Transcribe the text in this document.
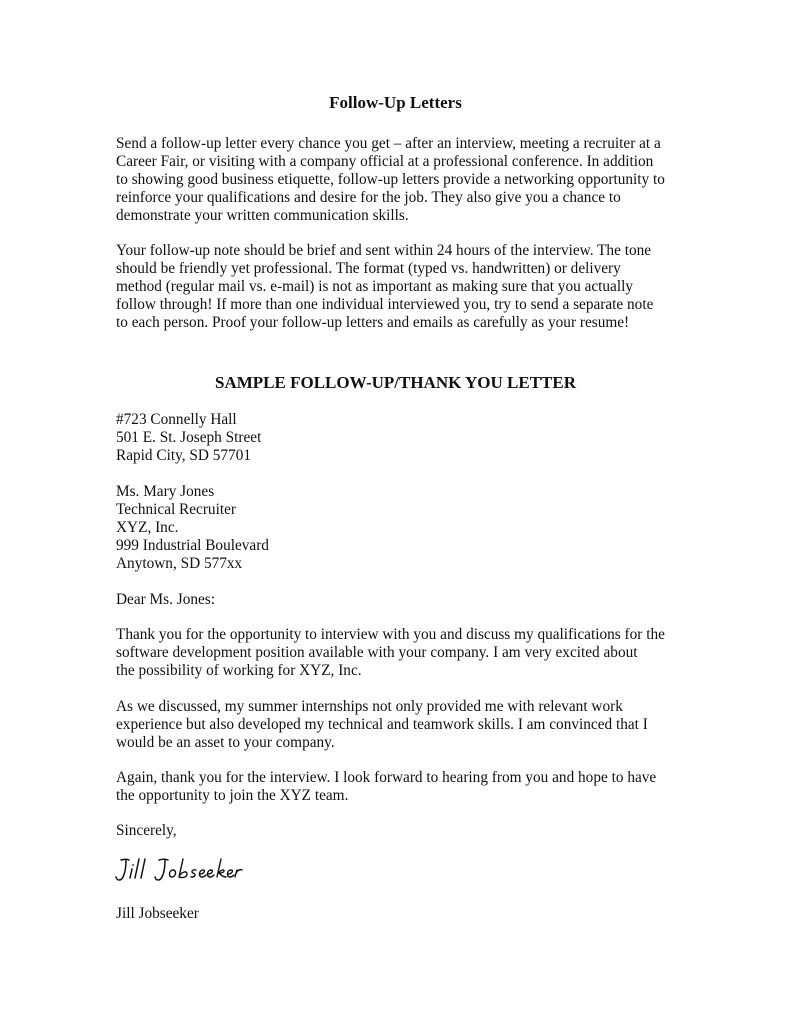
Follow-Up Letters

Send a follow-up letter every chance you get – after an interview, meeting a recruiter at a
Career Fair, or visiting with a company official at a professional conference. In addition
to showing good business etiquette, follow-up letters provide a networking opportunity to
reinforce your qualifications and desire for the job. They also give you a chance to
demonstrate your written communication skills.

Your follow-up note should be brief and sent within 24 hours of the interview. The tone
should be friendly yet professional. The format (typed vs. handwritten) or delivery
method (regular mail vs. e-mail) is not as important as making sure that you actually
follow through! If more than one individual interviewed you, try to send a separate note
to each person. Proof your follow-up letters and emails as carefully as your resume!

SAMPLE FOLLOW-UP/THANK YOU LETTER

#723 Connelly Hall
501 E. St. Joseph Street
Rapid City, SD 57701

Ms. Mary Jones
Technical Recruiter
XYZ, Inc.
999 Industrial Boulevard
Anytown, SD 577xx

Dear Ms. Jones:

Thank you for the opportunity to interview with you and discuss my qualifications for the
software development position available with your company. I am very excited about
the possibility of working for XYZ, Inc.

As we discussed, my summer internships not only provided me with relevant work
experience but also developed my technical and teamwork skills. I am convinced that I
would be an asset to your company.

Again, thank you for the interview. I look forward to hearing from you and hope to have
the opportunity to join the XYZ team.

Sincerely,

Jill Jobseeker
